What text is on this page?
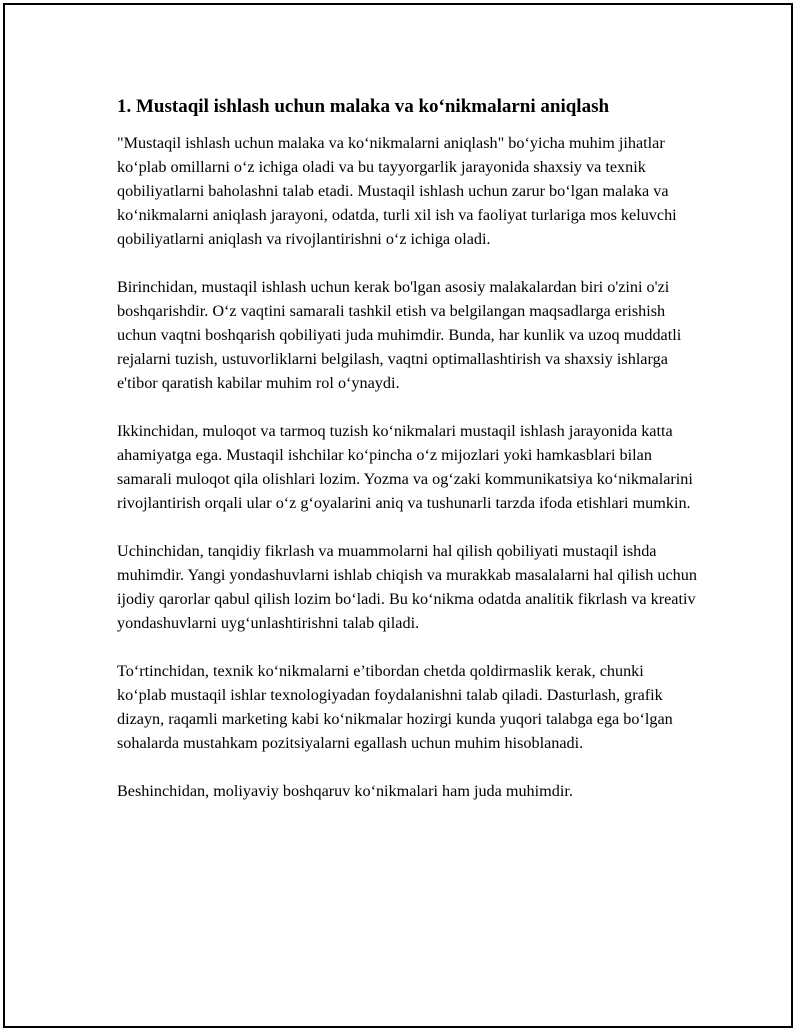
1. Mustaqil ishlash uchun malaka va ko‘nikmalarni aniqlash

"Mustaqil ishlash uchun malaka va ko‘nikmalarni aniqlash" bo‘yicha muhim jihatlar ko‘plab omillarni o‘z ichiga oladi va bu tayyorgarlik jarayonida shaxsiy va texnik qobiliyatlarni baholashni talab etadi. Mustaqil ishlash uchun zarur bo‘lgan malaka va ko‘nikmalarni aniqlash jarayoni, odatda, turli xil ish va faoliyat turlariga mos keluvchi qobiliyatlarni aniqlash va rivojlantirishni o‘z ichiga oladi.

Birinchidan, mustaqil ishlash uchun kerak bo'lgan asosiy malakalardan biri o'zini o'zi boshqarishdir. O‘z vaqtini samarali tashkil etish va belgilangan maqsadlarga erishish uchun vaqtni boshqarish qobiliyati juda muhimdir. Bunda, har kunlik va uzoq muddatli rejalarni tuzish, ustuvorliklarni belgilash, vaqtni optimallashtirish va shaxsiy ishlarga e'tibor qaratish kabilar muhim rol o‘ynaydi.

Ikkinchidan, muloqot va tarmoq tuzish ko‘nikmalari mustaqil ishlash jarayonida katta ahamiyatga ega. Mustaqil ishchilar ko‘pincha o‘z mijozlari yoki hamkasblari bilan samarali muloqot qila olishlari lozim. Yozma va og‘zaki kommunikatsiya ko‘nikmalarini rivojlantirish orqali ular o‘z g‘oyalarini aniq va tushunarli tarzda ifoda etishlari mumkin.

Uchinchidan, tanqidiy fikrlash va muammolarni hal qilish qobiliyati mustaqil ishda muhimdir. Yangi yondashuvlarni ishlab chiqish va murakkab masalalarni hal qilish uchun ijodiy qarorlar qabul qilish lozim bo‘ladi. Bu ko‘nikma odatda analitik fikrlash va kreativ yondashuvlarni uyg‘unlashtirishni talab qiladi.

To‘rtinchidan, texnik ko‘nikmalarni e’tibordan chetda qoldirmaslik kerak, chunki ko‘plab mustaqil ishlar texnologiyadan foydalanishni talab qiladi. Dasturlash, grafik dizayn, raqamli marketing kabi ko‘nikmalar hozirgi kunda yuqori talabga ega bo‘lgan sohalarda mustahkam pozitsiyalarni egallash uchun muhim hisoblanadi.

Beshinchidan, moliyaviy boshqaruv ko‘nikmalari ham juda muhimdir.
